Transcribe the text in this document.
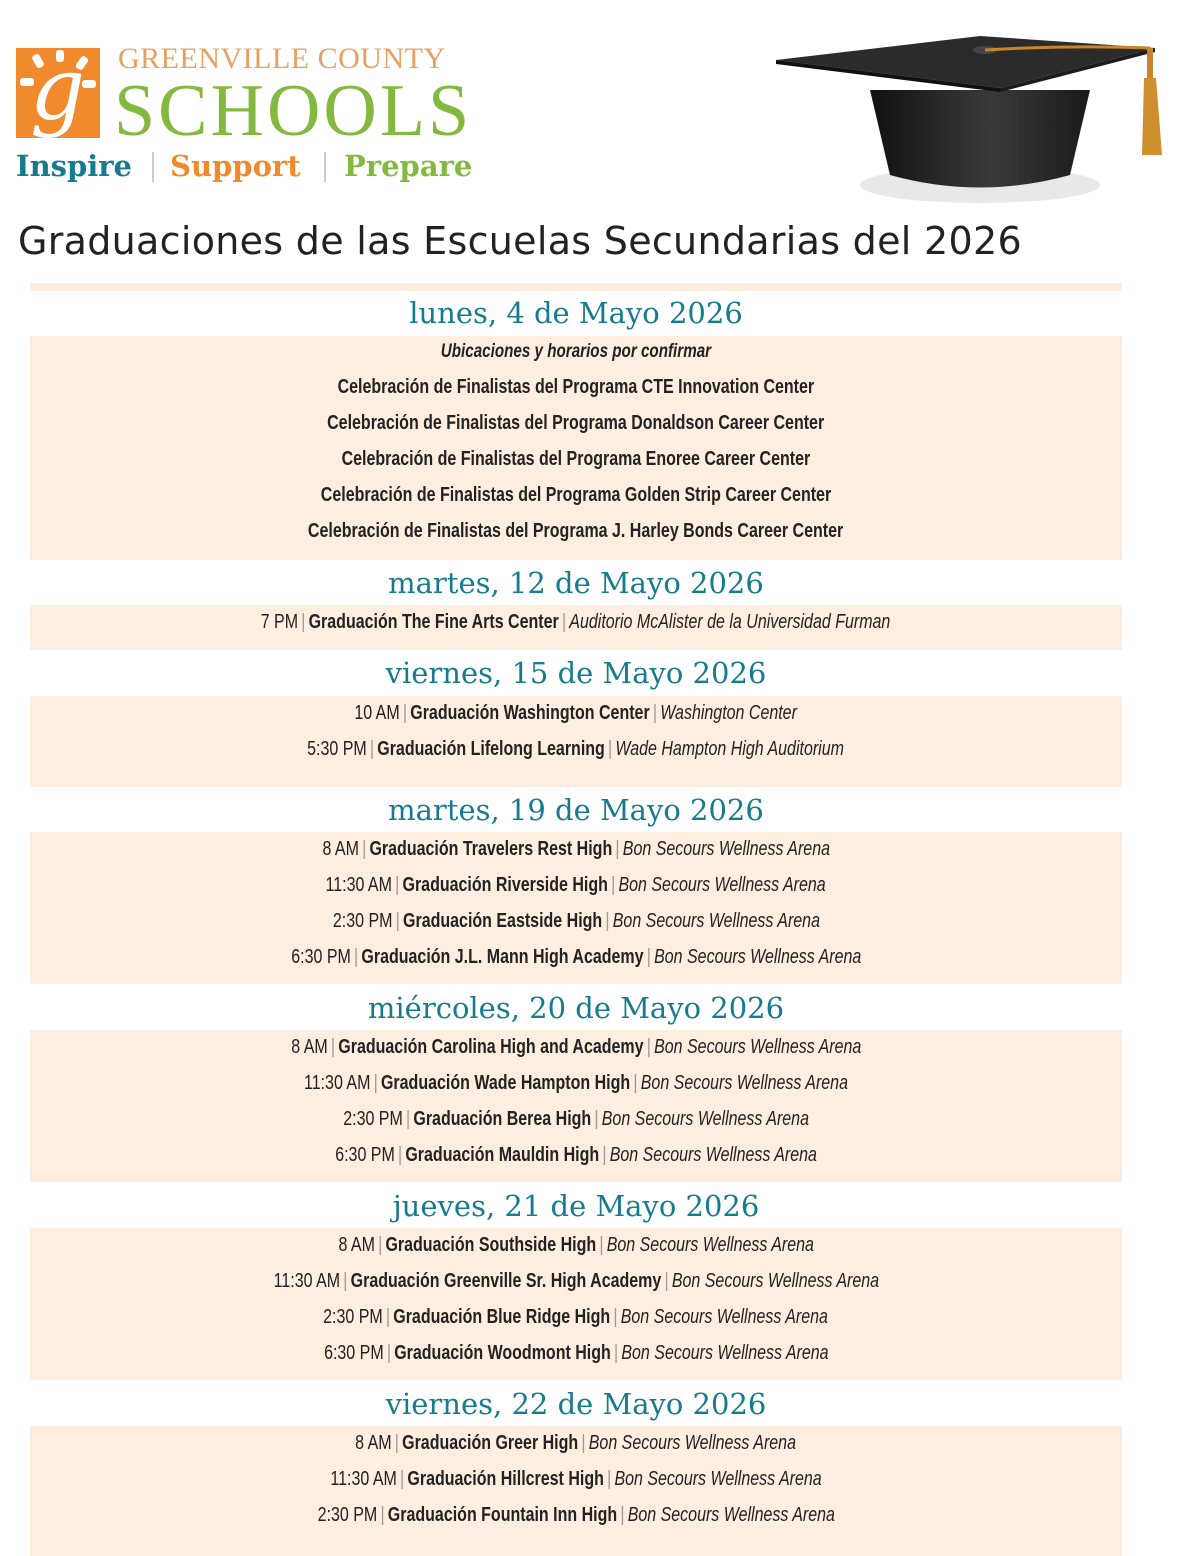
g GREENVILLE COUNTY
SCHOOLS
Inspire Support Prepare
Graduaciones de las Escuelas Secundarias del 2026
lunes, 4 de Mayo 2026
Ubicaciones y horarios por confirmar
Celebración de Finalistas del Programa CTE Innovation Center
Celebración de Finalistas del Programa Donaldson Career Center
Celebración de Finalistas del Programa Enoree Career Center
Celebración de Finalistas del Programa Golden Strip Career Center
Celebración de Finalistas del Programa J. Harley Bonds Career Center
martes, 12 de Mayo 2026
7 PM | Graduación The Fine Arts Center | Auditorio McAlister de la Universidad Furman
viernes, 15 de Mayo 2026
10 AM | Graduación Washington Center | Washington Center
5:30 PM | Graduación Lifelong Learning | Wade Hampton High Auditorium
martes, 19 de Mayo 2026
8 AM | Graduación Travelers Rest High | Bon Secours Wellness Arena
11:30 AM | Graduación Riverside High | Bon Secours Wellness Arena
2:30 PM | Graduación Eastside High | Bon Secours Wellness Arena
6:30 PM | Graduación J.L. Mann High Academy | Bon Secours Wellness Arena
miércoles, 20 de Mayo 2026
8 AM | Graduación Carolina High and Academy | Bon Secours Wellness Arena
11:30 AM | Graduación Wade Hampton High | Bon Secours Wellness Arena
2:30 PM | Graduación Berea High | Bon Secours Wellness Arena
6:30 PM | Graduación Mauldin High | Bon Secours Wellness Arena
jueves, 21 de Mayo 2026
8 AM | Graduación Southside High | Bon Secours Wellness Arena
11:30 AM | Graduación Greenville Sr. High Academy | Bon Secours Wellness Arena
2:30 PM | Graduación Blue Ridge High | Bon Secours Wellness Arena
6:30 PM | Graduación Woodmont High | Bon Secours Wellness Arena
viernes, 22 de Mayo 2026
8 AM | Graduación Greer High | Bon Secours Wellness Arena
11:30 AM | Graduación Hillcrest High | Bon Secours Wellness Arena
2:30 PM | Graduación Fountain Inn High | Bon Secours Wellness Arena
